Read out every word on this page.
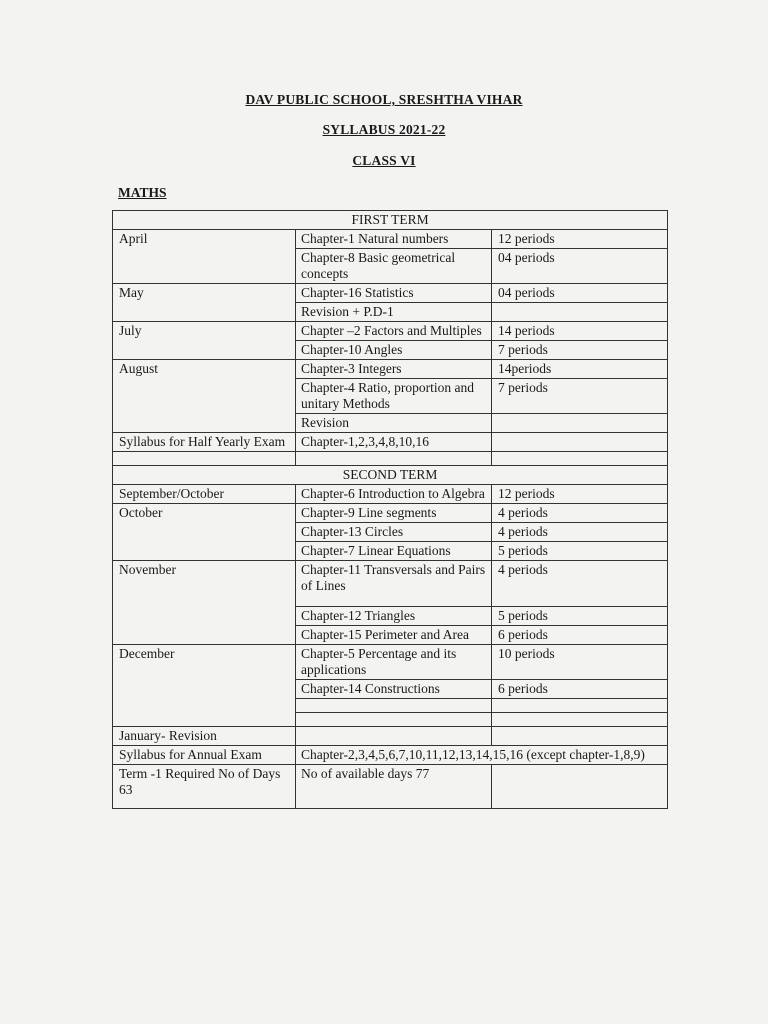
DAV PUBLIC SCHOOL, SRESHTHA VIHAR
SYLLABUS 2021-22
CLASS VI
MATHS
FIRST TERM		
April	Chapter-1 Natural numbers	12 periods
	Chapter-8 Basic geometrical concepts	04 periods
May	Chapter-16 Statistics	04 periods
	Revision + P.D-1	
July	Chapter –2 Factors and Multiples	14 periods
	Chapter-10 Angles	7 periods
August	Chapter-3 Integers	14periods
	Chapter-4 Ratio, proportion and unitary Methods	7 periods
	Revision	
Syllabus for Half Yearly Exam	Chapter-1,2,3,4,8,10,16	

SECOND TERM		
September/October	Chapter-6 Introduction to Algebra	12 periods
October	Chapter-9 Line segments	4 periods
	Chapter-13 Circles	4 periods
	Chapter-7 Linear Equations	5 periods
November	Chapter-11 Transversals and Pairs of Lines	4 periods
	Chapter-12 Triangles	5 periods
	Chapter-15 Perimeter and Area	6 periods
December	Chapter-5 Percentage and its applications	10 periods
	Chapter-14 Constructions	6 periods

January- Revision		
Syllabus for Annual Exam	Chapter-2,3,4,5,6,7,10,11,12,13,14,15,16 (except chapter-1,8,9)	
Term -1 Required No of Days 63	No of available days 77	
